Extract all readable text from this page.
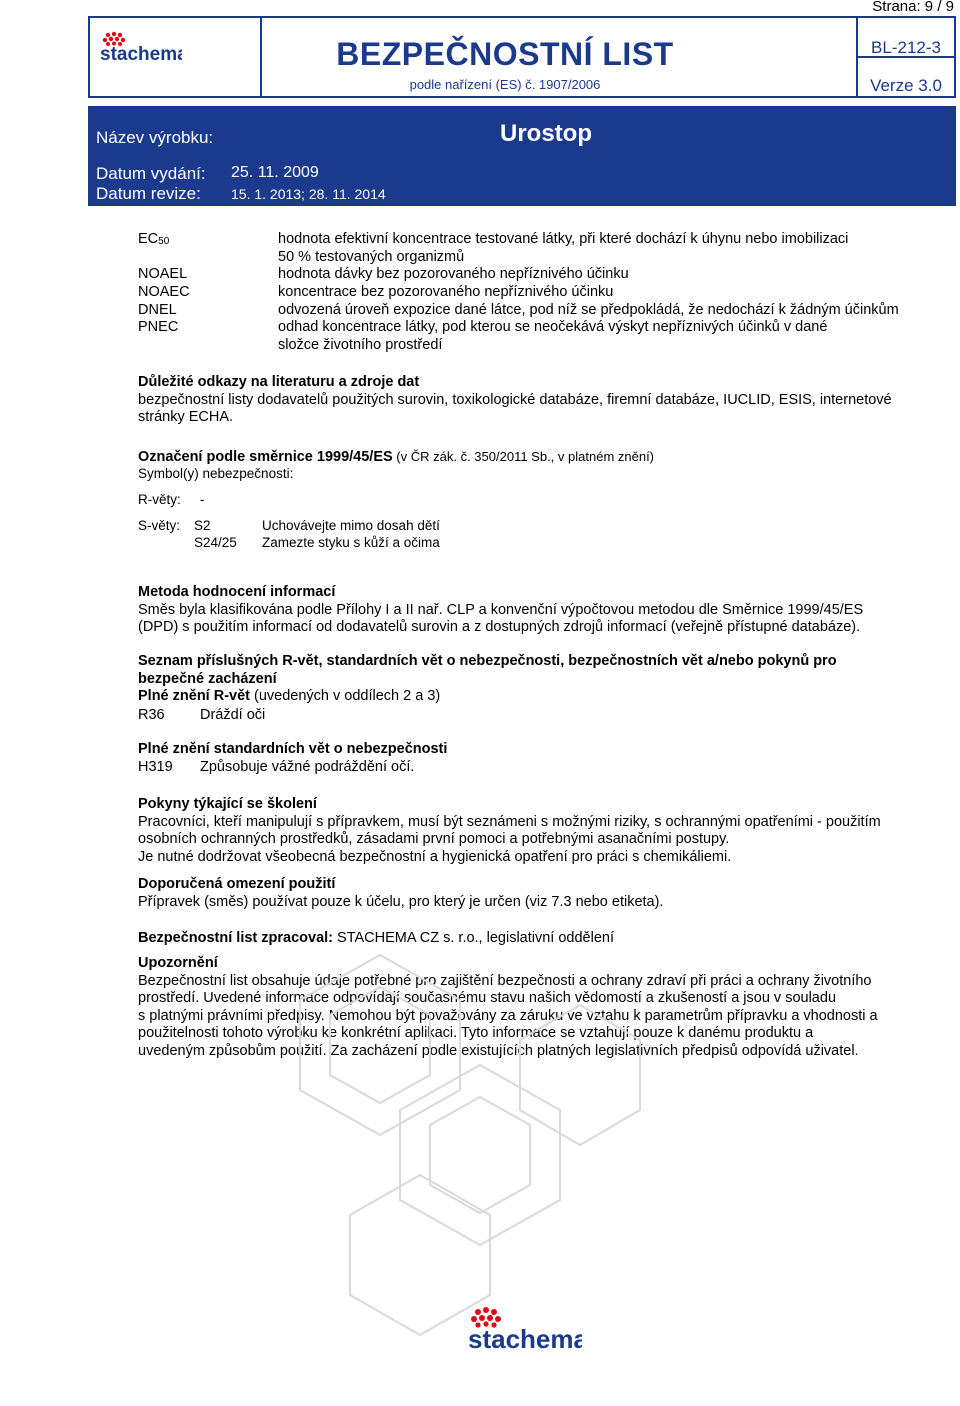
Strana: 9 / 9
stachema	BEZPEČNOSTNÍ LIST
podle nařízení (ES) č. 1907/2006
BL-212-3
Verze 3.0
Název výrobku:	Urostop
Datum vydání: 25. 11. 2009
Datum revize: 15. 1. 2013; 28. 11. 2014
$EC_{50}$	hodnota efektivní koncentrace testované látky, při které dochází k úhynu nebo imobilizaci
50 % testovaných organizmů
NOAEL	hodnota dávky bez pozorovaného nepříznivého účinku
NOAEC	koncentrace bez pozorovaného nepříznivého účinku
DNEL	odvozená úroveň expozice dané látce, pod níž se předpokládá, že nedochází k žádným účinkům
PNEC	odhad koncentrace látky, pod kterou se neočekává výskyt nepříznivých účinků v dané
složce životního prostředí
Důležité odkazy na literaturu a zdroje dat
bezpečnostní listy dodavatelů použitých surovin, toxikologické databáze, firemní databáze, IUCLID, ESIS, internetové
stránky ECHA.
Označení podle směrnice 1999/45/ES (v ČR zák. č. 350/2011 Sb., v platném znění)
Symbol(y) nebezpečnosti:
R-věty: -
S-věty: S2	Uchovávejte mimo dosah dětí
S24/25 Zamezte styku s kůží a očima
Metoda hodnocení informací
Směs byla klasifikována podle Přílohy I a II nař. CLP a konvenční výpočtovou metodou dle Směrnice 1999/45/ES
(DPD) s použitím informací od dodavatelů surovin a z dostupných zdrojů informací (veřejně přístupné databáze).
Seznam příslušných R-vět, standardních vět o nebezpečnosti, bezpečnostních vět a/nebo pokynů pro
bezpečné zacházení
Plné znění R-vět (uvedených v oddílech 2 a 3)
R36 Dráždí oči
Plné znění standardních vět o nebezpečnosti
H319 Způsobuje vážné podráždění očí.
Pokyny týkající se školení
Pracovníci, kteří manipulují s přípravkem, musí být seznámeni s možnými riziky, s ochrannými opatřeními - použitím
osobních ochranných prostředků, zásadami první pomoci a potřebnými asanačními postupy.
Je nutné dodržovat všeobecná bezpečnostní a hygienická opatření pro práci s chemikáliemi.
Doporučená omezení použití
Přípravek (směs) používat pouze k účelu, pro který je určen (viz 7.3 nebo etiketa).
Bezpečnostní list zpracoval: STACHEMA CZ s. r.o., legislativní oddělení
Upozornění
Bezpečnostní list obsahuje údaje potřebné pro zajištění bezpečnosti a ochrany zdraví při práci a ochrany životního
prostředí. Uvedené informace odpovídají současnému stavu našich vědomostí a zkušeností a jsou v souladu
s platnými právními předpisy. Nemohou být považovány za záruku ve vztahu k parametrům přípravku a vhodnosti a
použitelnosti tohoto výrobku ke konkrétní aplikaci. Tyto informace se vztahují pouze k danému produktu a
uvedeným způsobům použití. Za zacházení podle existujících platných legislativních předpisů odpovídá uživatel.
stachema
